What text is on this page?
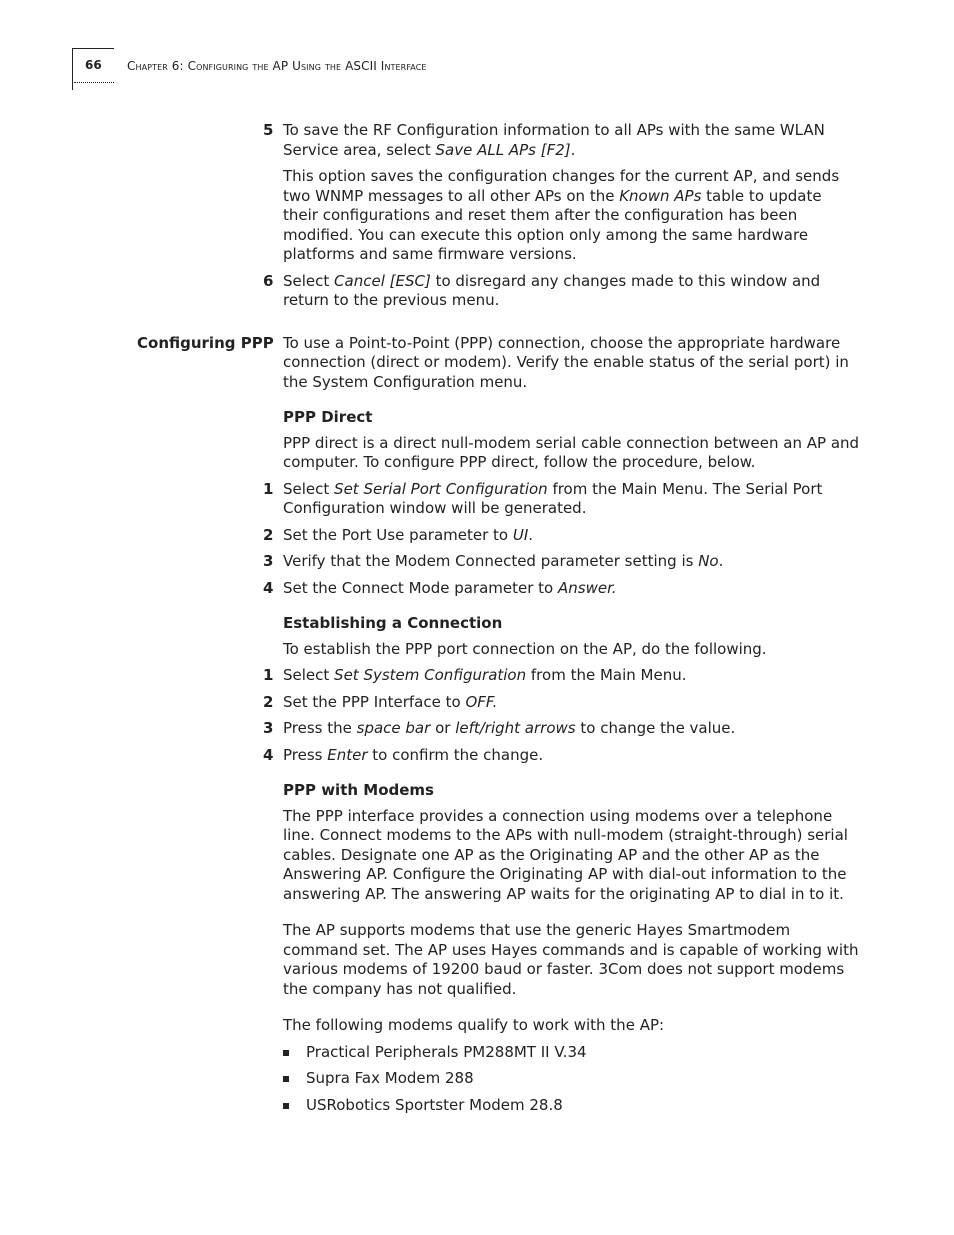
66 Chapter 6: Configuring the AP Using the ASCII Interface
5 To save the RF Configuration information to all APs with the same WLAN Service area, select Save ALL APs [F2].
This option saves the configuration changes for the current AP, and sends two WNMP messages to all other APs on the Known APs table to update their configurations and reset them after the configuration has been modified. You can execute this option only among the same hardware platforms and same firmware versions.
6 Select Cancel [ESC] to disregard any changes made to this window and return to the previous menu.
Configuring PPP To use a Point-to-Point (PPP) connection, choose the appropriate hardware connection (direct or modem). Verify the enable status of the serial port) in the System Configuration menu.
PPP Direct
PPP direct is a direct null-modem serial cable connection between an AP and computer. To configure PPP direct, follow the procedure, below.
1 Select Set Serial Port Configuration from the Main Menu. The Serial Port Configuration window will be generated.
2 Set the Port Use parameter to UI.
3 Verify that the Modem Connected parameter setting is No.
4 Set the Connect Mode parameter to Answer.
Establishing a Connection
To establish the PPP port connection on the AP, do the following.
1 Select Set System Configuration from the Main Menu.
2 Set the PPP Interface to OFF.
3 Press the space bar or left/right arrows to change the value.
4 Press Enter to confirm the change.
PPP with Modems
The PPP interface provides a connection using modems over a telephone line. Connect modems to the APs with null-modem (straight-through) serial cables. Designate one AP as the Originating AP and the other AP as the Answering AP. Configure the Originating AP with dial-out information to the answering AP. The answering AP waits for the originating AP to dial in to it.
The AP supports modems that use the generic Hayes Smartmodem command set. The AP uses Hayes commands and is capable of working with various modems of 19200 baud or faster. 3Com does not support modems the company has not qualified.
The following modems qualify to work with the AP:
Practical Peripherals PM288MT II V.34
Supra Fax Modem 288
USRobotics Sportster Modem 28.8
